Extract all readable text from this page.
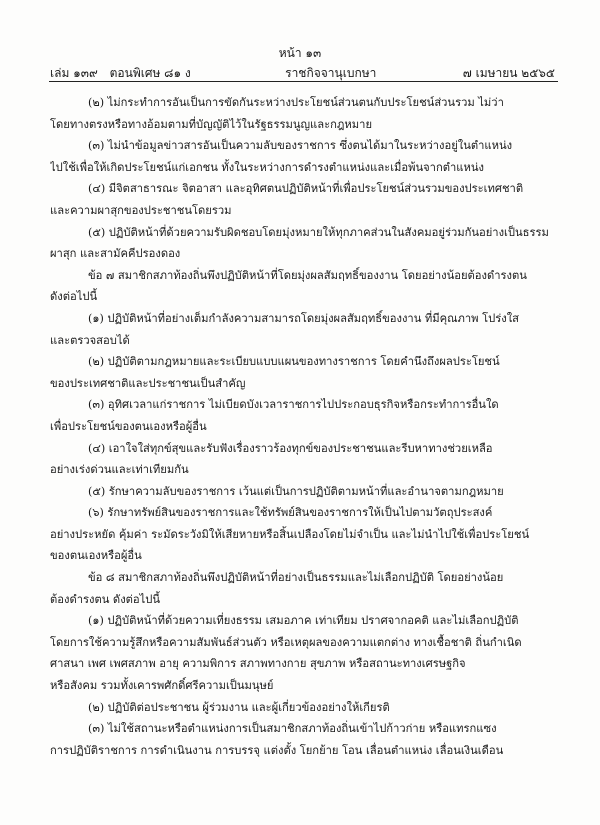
หน้า ๑๓
เล่ม ๑๓๙ ตอนพิเศษ ๘๑ ง	ราชกิจจานุเบกษา	๗ เมษายน ๒๕๖๕
(๒) ไม่กระทำการอันเป็นการขัดกันระหว่างประโยชน์ส่วนตนกับประโยชน์ส่วนรวม ไม่ว่า
โดยทางตรงหรือทางอ้อมตามที่บัญญัติไว้ในรัฐธรรมนูญและกฎหมาย
(๓) ไม่นำข้อมูลข่าวสารอันเป็นความลับของราชการ ซึ่งตนได้มาในระหว่างอยู่ในตำแหน่ง
ไปใช้เพื่อให้เกิดประโยชน์แก่เอกชน ทั้งในระหว่างการดำรงตำแหน่งและเมื่อพ้นจากตำแหน่ง
(๔) มีจิตสาธารณะ จิตอาสา และอุทิศตนปฏิบัติหน้าที่เพื่อประโยชน์ส่วนรวมของประเทศชาติ
และความผาสุกของประชาชนโดยรวม
(๕) ปฏิบัติหน้าที่ด้วยความรับผิดชอบโดยมุ่งหมายให้ทุกภาคส่วนในสังคมอยู่ร่วมกันอย่างเป็นธรรม
ผาสุก และสามัคคีปรองดอง
ข้อ ๗ สมาชิกสภาท้องถิ่นพึงปฏิบัติหน้าที่โดยมุ่งผลสัมฤทธิ์ของงาน โดยอย่างน้อยต้องดำรงตน
ดังต่อไปนี้
(๑) ปฏิบัติหน้าที่อย่างเต็มกำลังความสามารถโดยมุ่งผลสัมฤทธิ์ของงาน ที่มีคุณภาพ โปร่งใส
และตรวจสอบได้
(๒) ปฏิบัติตามกฎหมายและระเบียบแบบแผนของทางราชการ โดยคำนึงถึงผลประโยชน์
ของประเทศชาติและประชาชนเป็นสำคัญ
(๓) อุทิศเวลาแก่ราชการ ไม่เบียดบังเวลาราชการไปประกอบธุรกิจหรือกระทำการอื่นใด
เพื่อประโยชน์ของตนเองหรือผู้อื่น
(๔) เอาใจใส่ทุกข์สุขและรับฟังเรื่องราวร้องทุกข์ของประชาชนและรีบหาทางช่วยเหลือ
อย่างเร่งด่วนและเท่าเทียมกัน
(๕) รักษาความลับของราชการ เว้นแต่เป็นการปฏิบัติตามหน้าที่และอำนาจตามกฎหมาย
(๖) รักษาทรัพย์สินของราชการและใช้ทรัพย์สินของราชการให้เป็นไปตามวัตถุประสงค์
อย่างประหยัด คุ้มค่า ระมัดระวังมิให้เสียหายหรือสิ้นเปลืองโดยไม่จำเป็น และไม่นำไปใช้เพื่อประโยชน์
ของตนเองหรือผู้อื่น
ข้อ ๘ สมาชิกสภาท้องถิ่นพึงปฏิบัติหน้าที่อย่างเป็นธรรมและไม่เลือกปฏิบัติ โดยอย่างน้อย
ต้องดำรงตน ดังต่อไปนี้
(๑) ปฏิบัติหน้าที่ด้วยความเที่ยงธรรม เสมอภาค เท่าเทียม ปราศจากอคติ และไม่เลือกปฏิบัติ
โดยการใช้ความรู้สึกหรือความสัมพันธ์ส่วนตัว หรือเหตุผลของความแตกต่าง ทางเชื้อชาติ ถิ่นกำเนิด
ศาสนา เพศ เพศสภาพ อายุ ความพิการ สภาพทางกาย สุขภาพ หรือสถานะทางเศรษฐกิจ
หรือสังคม รวมทั้งเคารพศักดิ์ศรีความเป็นมนุษย์
(๒) ปฏิบัติต่อประชาชน ผู้ร่วมงาน และผู้เกี่ยวข้องอย่างให้เกียรติ
(๓) ไม่ใช้สถานะหรือตำแหน่งการเป็นสมาชิกสภาท้องถิ่นเข้าไปก้าวก่าย หรือแทรกแซง
การปฏิบัติราชการ การดำเนินงาน การบรรจุ แต่งตั้ง โยกย้าย โอน เลื่อนตำแหน่ง เลื่อนเงินเดือน
